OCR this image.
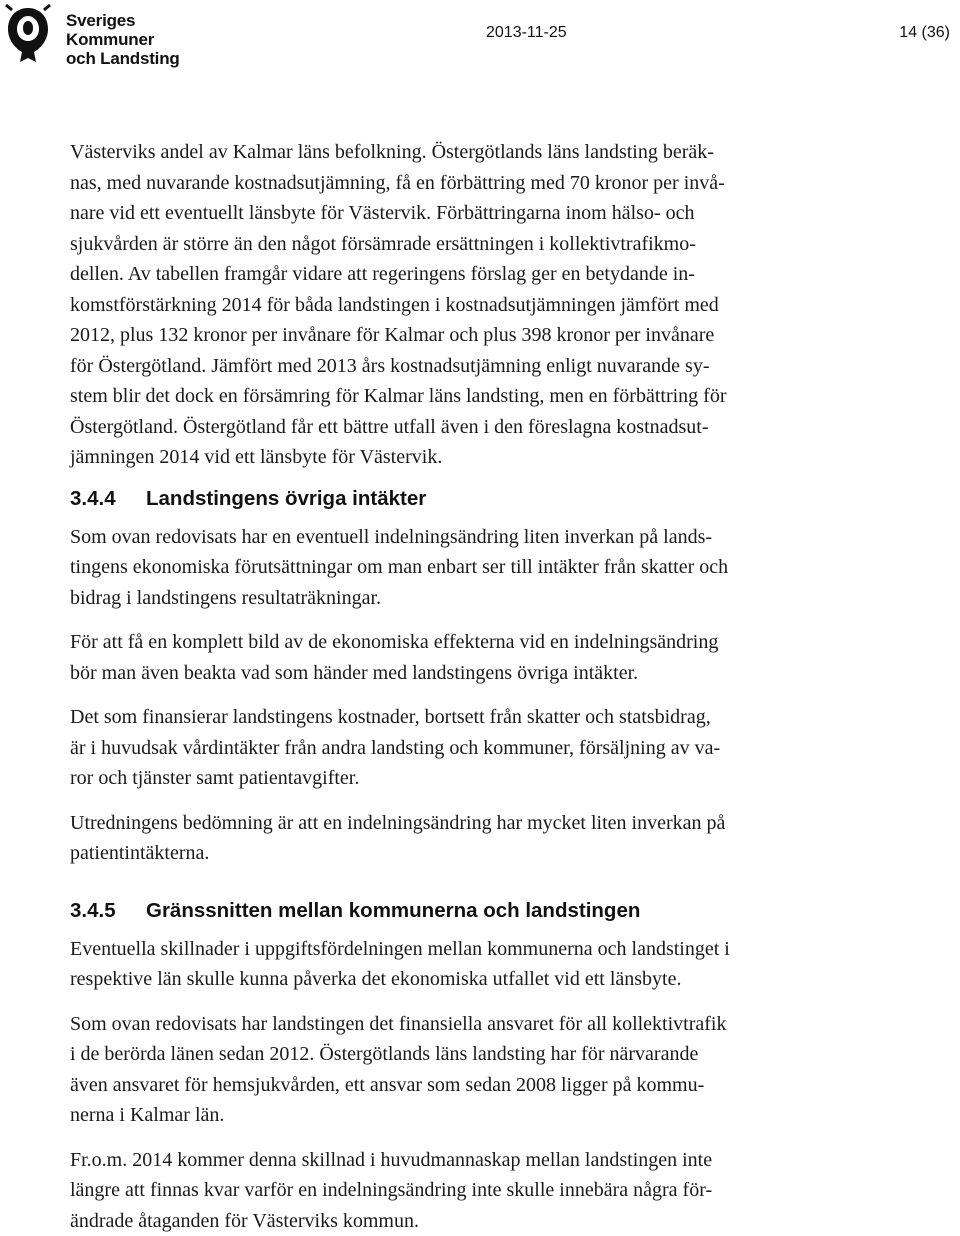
Sveriges
Kommuner
och Landsting
2013-11-25	14 (36)

Västerviks andel av Kalmar läns befolkning. Östergötlands läns landsting beräk-
nas, med nuvarande kostnadsutjämning, få en förbättring med 70 kronor per invå-
nare vid ett eventuellt länsbyte för Västervik. Förbättringarna inom hälso- och
sjukvården är större än den något försämrade ersättningen i kollektivtrafikmo-
dellen. Av tabellen framgår vidare att regeringens förslag ger en betydande in-
komstförstärkning 2014 för båda landstingen i kostnadsutjämningen jämfört med
2012, plus 132 kronor per invånare för Kalmar och plus 398 kronor per invånare
för Östergötland. Jämfört med 2013 års kostnadsutjämning enligt nuvarande sy-
stem blir det dock en försämring för Kalmar läns landsting, men en förbättring för
Östergötland. Östergötland får ett bättre utfall även i den föreslagna kostnadsut-
jämningen 2014 vid ett länsbyte för Västervik.

3.4.4 Landstingens övriga intäkter

Som ovan redovisats har en eventuell indelningsändring liten inverkan på lands-
tingens ekonomiska förutsättningar om man enbart ser till intäkter från skatter och
bidrag i landstingens resultaträkningar.

För att få en komplett bild av de ekonomiska effekterna vid en indelningsändring
bör man även beakta vad som händer med landstingens övriga intäkter.

Det som finansierar landstingens kostnader, bortsett från skatter och statsbidrag,
är i huvudsak vårdintäkter från andra landsting och kommuner, försäljning av va-
ror och tjänster samt patientavgifter.

Utredningens bedömning är att en indelningsändring har mycket liten inverkan på
patientintäkterna.

3.4.5 Gränssnitten mellan kommunerna och landstingen

Eventuella skillnader i uppgiftsfördelningen mellan kommunerna och landstinget i
respektive län skulle kunna påverka det ekonomiska utfallet vid ett länsbyte.

Som ovan redovisats har landstingen det finansiella ansvaret för all kollektivtrafik
i de berörda länen sedan 2012. Östergötlands läns landsting har för närvarande
även ansvaret för hemsjukvården, ett ansvar som sedan 2008 ligger på kommu-
nerna i Kalmar län.

Fr.o.m. 2014 kommer denna skillnad i huvudmannaskap mellan landstingen inte
längre att finnas kvar varför en indelningsändring inte skulle innebära några för-
ändrade åtaganden för Västerviks kommun.
